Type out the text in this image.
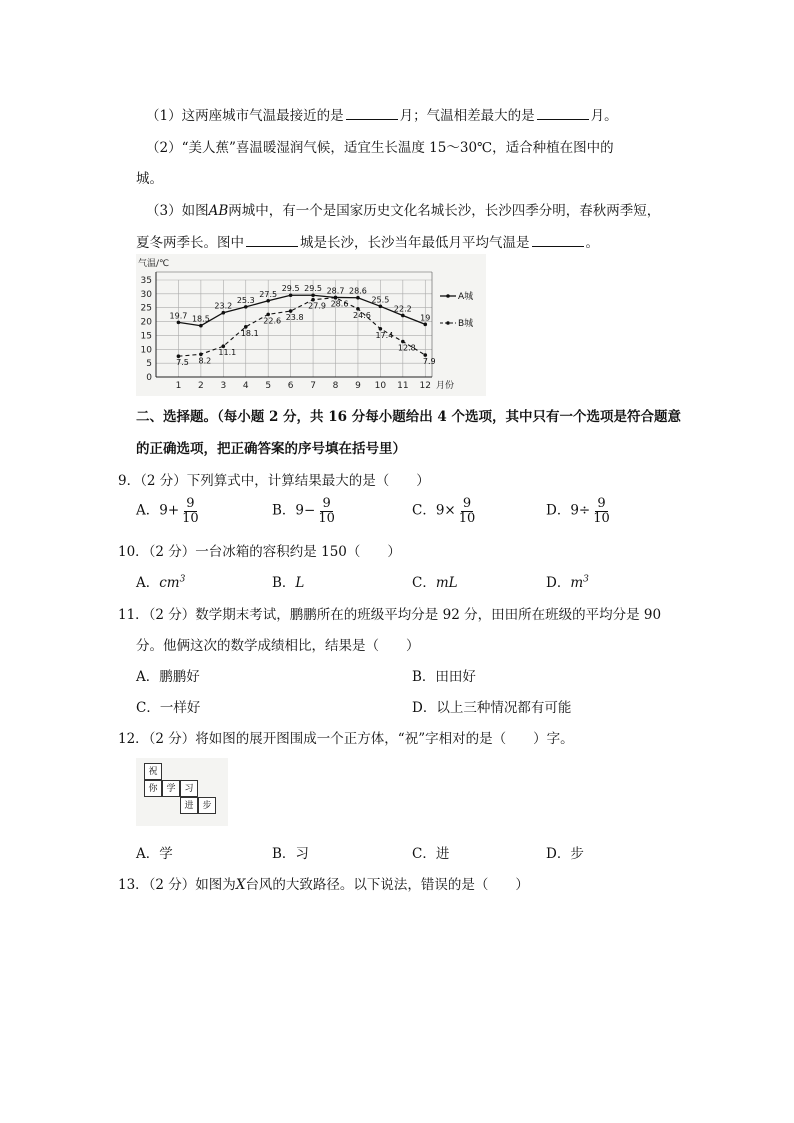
（1）这两座城市气温最接近的是	月；气温相差最大的是	月。
（2）“美人蕉”喜温暖湿润气候，适宜生长温度 15～30℃，适合种植在图中的
城。
（3）如图AB两城中，有一个是国家历史文化名城长沙，长沙四季分明，春秋两季短，
夏冬两季长。图中	城是长沙，长沙当年最低月平均气温是	。
0
5
10
15
20
25
30
35
1 2 3 4 5 6 7 8 9 10 11 12
气温/℃
月份
19.7 18.5
23.2
25.3
27.5
29.5 29.5 28.7 28.6
25.5
22.2
19
7.5 8.2
11.1
18.1
22.6 23.8
27.9 28.6
24.6
17.4
12.8
7.9
A城
B城
二、选择题。（每小题 2 分，共 16 分每小题给出 4 个选项，其中只有一个选项是符合题意
的正确选项，把正确答案的序号填在括号里）
9．（2 分）下列算式中，计算结果最大的是（　　）
A．$9+ \frac{9}{10}$	B．$9- \frac{9}{10}$	C．$9\times \frac{9}{10}$	D．$9\div \frac{9}{10}$
10．（2 分）一台冰箱的容积约是 150（　　）
A．$cm^3$	B．L	C．mL	D．$m^3$
11．（2 分）数学期末考试，鹏鹏所在的班级平均分是 92 分，田田所在班级的平均分是 90
分。他俩这次的数学成绩相比，结果是（　　）
A．鹏鹏好	B．田田好
C．一样好	D．以上三种情况都有可能
12．（2 分）将如图的展开图围成一个正方体，“祝”字相对的是（　　）字。
祝
你 学 习
进 步
A．学	B．习	C．进	D．步
13．（2 分）如图为X台风的大致路径。以下说法，错误的是（　　）
